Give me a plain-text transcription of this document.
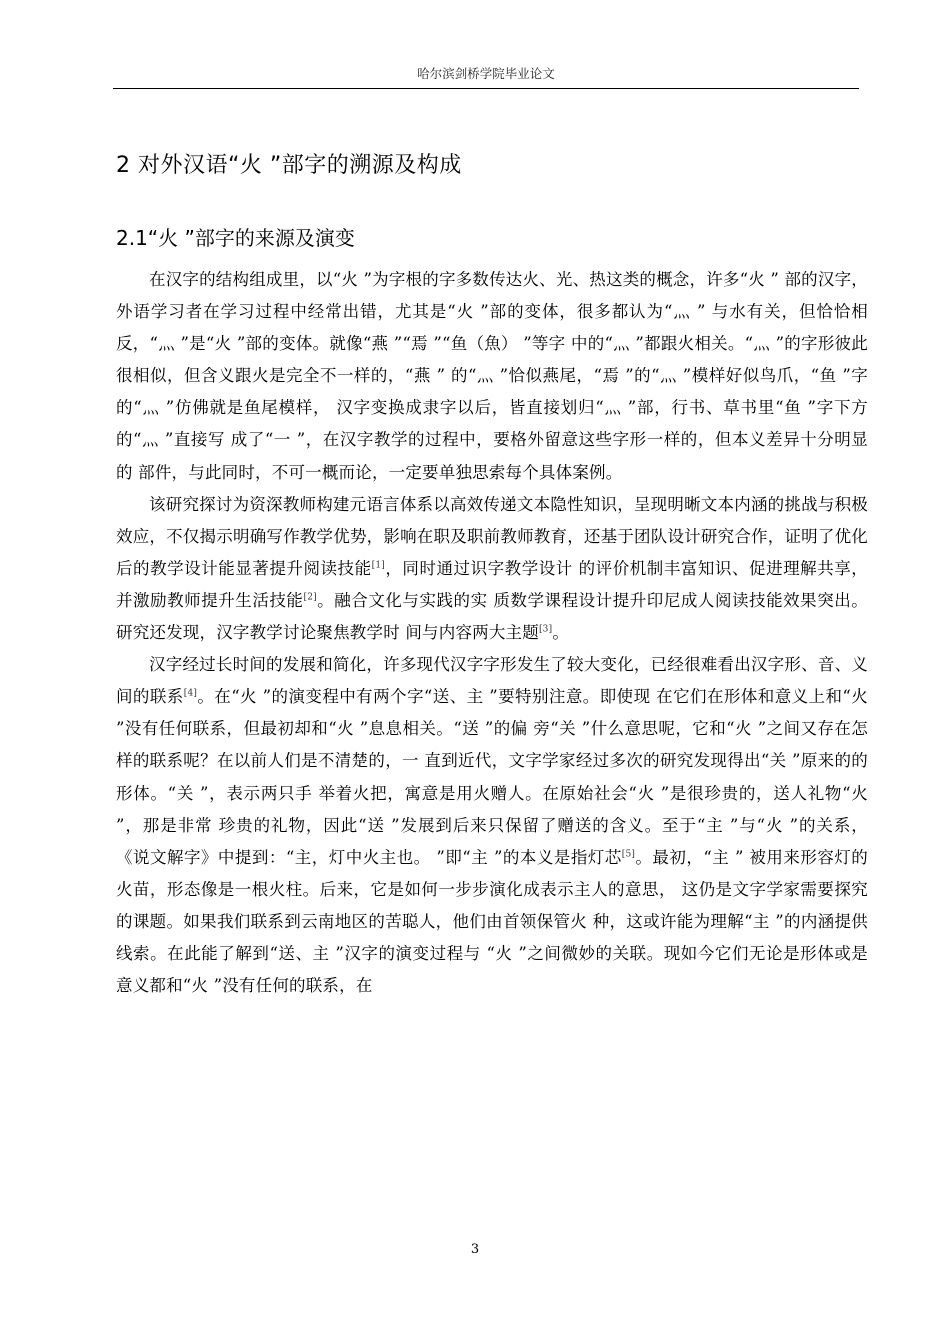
哈尔滨剑桥学院毕业论文
2 对外汉语“火 ”部字的溯源及构成
2.1“火 ”部字的来源及演变

在汉字的结构组成里，以“火 ”为字根的字多数传达火、光、热这类的概念，许多“火 ” 部的汉字，外语学习者在学习过程中经常出错，尤其是“火 ”部的变体，很多都认为“灬 ” 与水有关，但恰恰相反，“灬 ”是“火 ”部的变体。就像“燕 ”“焉 ”“鱼（魚） ”等字 中的“灬 ”都跟火相关。“灬 ”的字形彼此很相似，但含义跟火是完全不一样的，“燕 ” 的“灬 ”恰似燕尾，“焉 ”的“灬 ”模样好似鸟爪，“鱼 ”字的“灬 ”仿佛就是鱼尾模样， 汉字变换成隶字以后，皆直接划归“灬 ”部，行书、草书里“鱼 ”字下方的“灬 ”直接写 成了“一 ”，在汉字教学的过程中，要格外留意这些字形一样的，但本义差异十分明显的 部件，与此同时，不可一概而论，一定要单独思索每个具体案例。

该研究探讨为资深教师构建元语言体系以高效传递文本隐性知识，呈现明晰文本内涵的挑战与积极效应，不仅揭示明确写作教学优势，影响在职及职前教师教育，还基于团队设计研究合作，证明了优化后的教学设计能显著提升阅读技能[1]，同时通过识字教学设计 的评价机制丰富知识、促进理解共享，并激励教师提升生活技能[2]。融合文化与实践的实 质数学课程设计提升印尼成人阅读技能效果突出。研究还发现，汉字教学讨论聚焦教学时 间与内容两大主题[3]。

汉字经过长时间的发展和简化，许多现代汉字字形发生了较大变化，已经很难看出汉字形、音、义间的联系[4]。在“火 ”的演变程中有两个字“送、主 ”要特别注意。即使现 在它们在形体和意义上和“火 ”没有任何联系，但最初却和“火 ”息息相关。“送 ”的偏 旁“关 ”什么意思呢，它和“火 ”之间又存在怎样的联系呢？在以前人们是不清楚的，一 直到近代，文字学家经过多次的研究发现得出“关 ”原来的的形体。“关 ”，表示两只手 举着火把，寓意是用火赠人。在原始社会“火 ”是很珍贵的，送人礼物“火 ”，那是非常 珍贵的礼物，因此“送 ”发展到后来只保留了赠送的含义。至于“主 ”与“火 ”的关系， 《说文解字》中提到：“主，灯中火主也。 ”即“主 ”的本义是指灯芯[5]。最初，“主 ” 被用来形容灯的火苗，形态像是一根火柱。后来，它是如何一步步演化成表示主人的意思， 这仍是文字学家需要探究的课题。如果我们联系到云南地区的苦聪人，他们由首领保管火 种，这或许能为理解“主 ”的内涵提供线索。在此能了解到“送、主 ”汉字的演变过程与 “火 ”之间微妙的关联。现如今它们无论是形体或是意义都和“火 ”没有任何的联系，在

3
